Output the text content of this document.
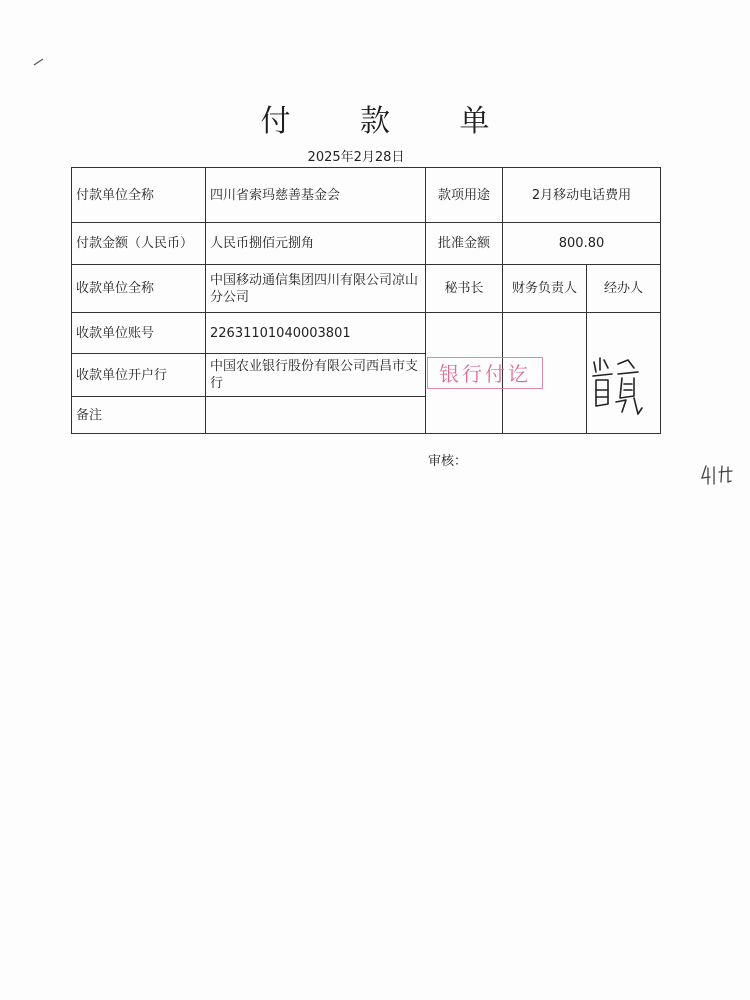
付 款 单
2025年2月28日
付款单位全称	四川省索玛慈善基金会	款项用途	2月移动电话费用	
付款金额（人民币）	人民币捌佰元捌角	批准金额	800.80	
收款单位全称	中国移动通信集团四川有限公司凉山分公司	秘书长	财务负责人	经办人
收款单位账号	22631101040003801			
收款单位开户行	中国农业银行股份有限公司西昌市支行			
备注				
银行付讫
审核：
